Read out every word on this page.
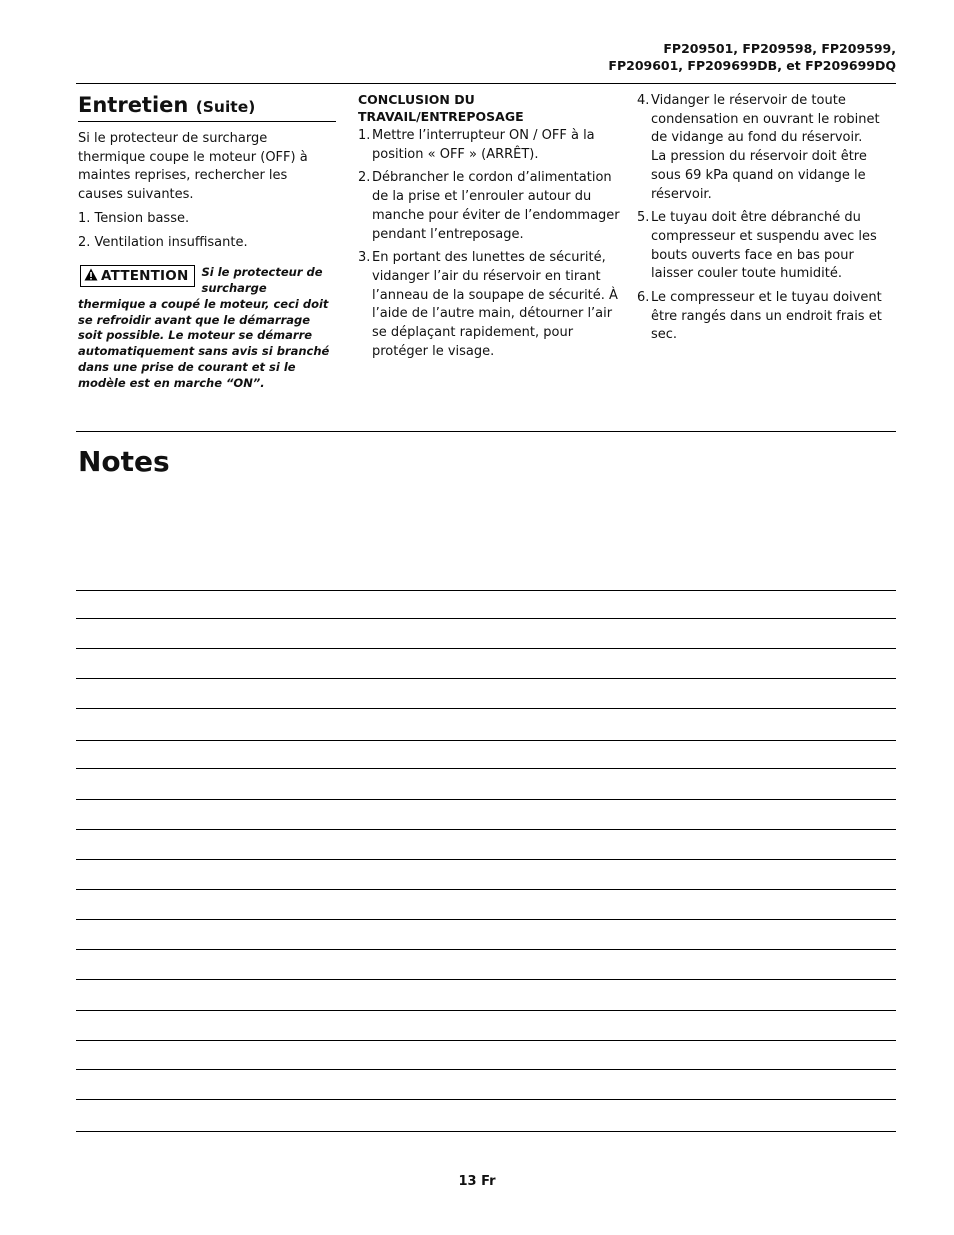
FP209501, FP209598, FP209599,
FP209601, FP209699DB, et FP209699DQ
Entretien (Suite)

Si le protecteur de surcharge thermique coupe le moteur (OFF) à maintes reprises, rechercher les causes suivantes.

1. Tension basse.
2. Ventilation insuffisante.
ATTENTION	Si le protecteur de surcharge thermique a coupé le moteur, ceci doit se refroidir avant que le démarrage soit possible. Le moteur se démarre automatiquement sans avis si branché dans une prise de courant et si le modèle est en marche “ON”.
CONCLUSION DU
TRAVAIL/ENTREPOSAGE
1. Mettre l’interrupteur ON / OFF à la position « OFF » (ARRÊT).
2. Débrancher le cordon d’alimentation de la prise et l’enrouler autour du manche pour éviter de l’endommager pendant l’entreposage.
3. En portant des lunettes de sécurité, vidanger l’air du réservoir en tirant l’anneau de la soupape de sécurité. À l’aide de l’autre main, détourner l’air se déplaçant rapidement, pour protéger le visage.
4. Vidanger le réservoir de toute condensation en ouvrant le robinet de vidange au fond du réservoir.
La pression du réservoir doit être sous 69 kPa quand on vidange le réservoir.
5. Le tuyau doit être débranché du compresseur et suspendu avec les bouts ouverts face en bas pour laisser couler toute humidité.
6. Le compresseur et le tuyau doivent être rangés dans un endroit frais et sec.
Notes
13 Fr
